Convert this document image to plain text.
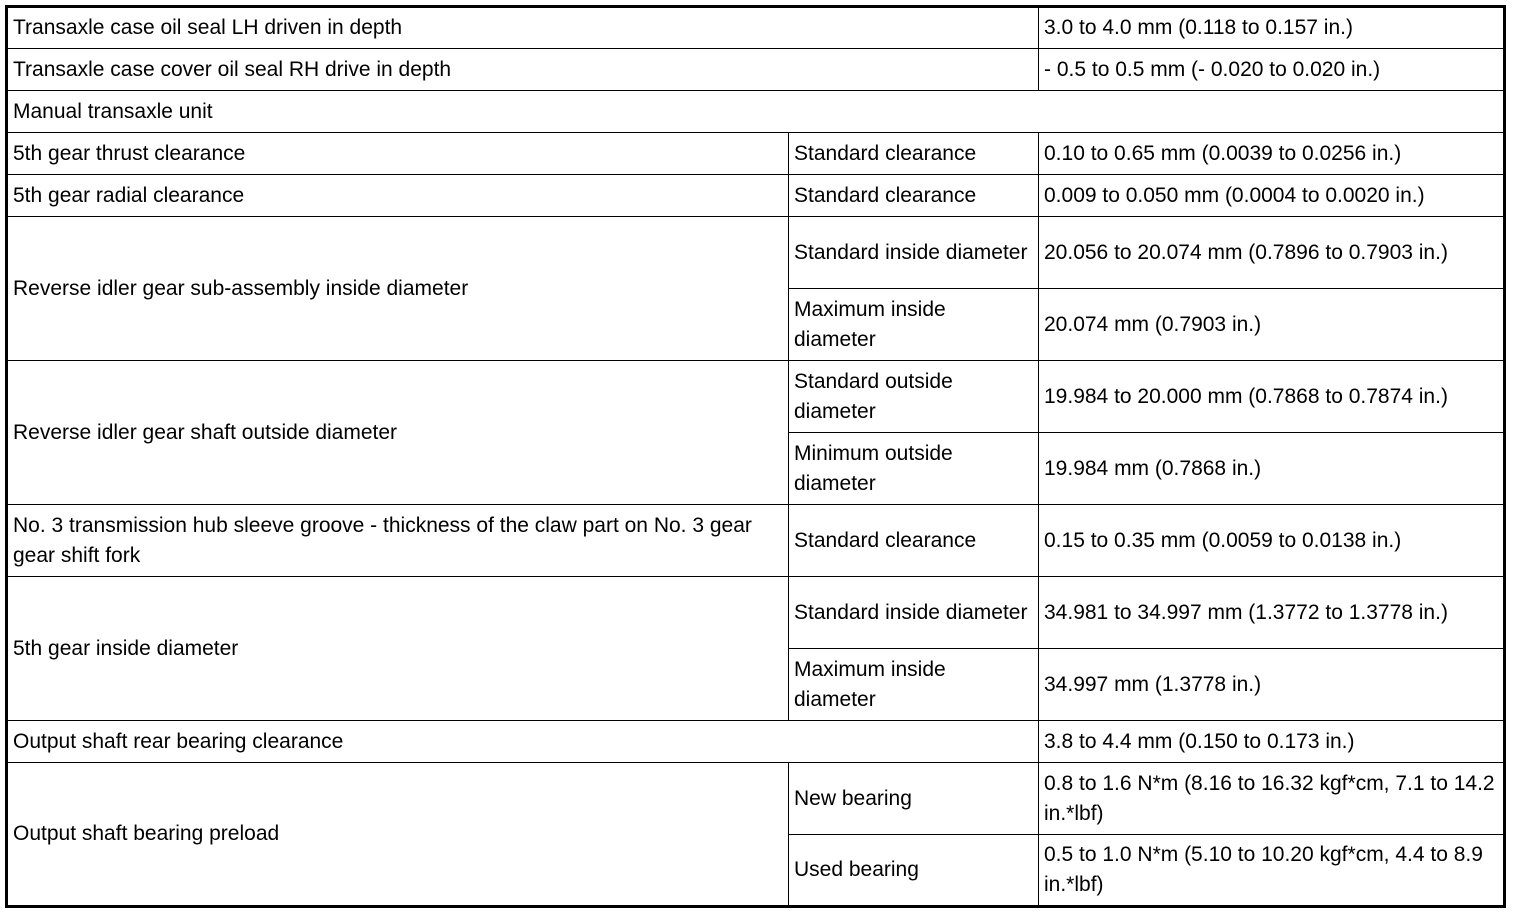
Transaxle case oil seal LH driven in depth		3.0 to 4.0 mm (0.118 to 0.157 in.)
Transaxle case cover oil seal RH drive in depth		- 0.5 to 0.5 mm (- 0.020 to 0.020 in.)
Manual transaxle unit		
5th gear thrust clearance	Standard clearance	0.10 to 0.65 mm (0.0039 to 0.0256 in.)
5th gear radial clearance	Standard clearance	0.009 to 0.050 mm (0.0004 to 0.0020 in.)
Reverse idler gear sub-assembly inside diameter	Standard inside diameter	20.056 to 20.074 mm (0.7896 to 0.7903 in.)
	Maximum inside diameter	20.074 mm (0.7903 in.)
Reverse idler gear shaft outside diameter	Standard outside diameter	19.984 to 20.000 mm (0.7868 to 0.7874 in.)
	Minimum outside diameter	19.984 mm (0.7868 in.)
No. 3 transmission hub sleeve groove - thickness of the claw part on No. 3 gear gear shift fork	Standard clearance	0.15 to 0.35 mm (0.0059 to 0.0138 in.)
5th gear inside diameter	Standard inside diameter	34.981 to 34.997 mm (1.3772 to 1.3778 in.)
	Maximum inside diameter	34.997 mm (1.3778 in.)
Output shaft rear bearing clearance		3.8 to 4.4 mm (0.150 to 0.173 in.)
Output shaft bearing preload	New bearing	0.8 to 1.6 N*m (8.16 to 16.32 kgf*cm, 7.1 to 14.2 in.*lbf)
	Used bearing	0.5 to 1.0 N*m (5.10 to 10.20 kgf*cm, 4.4 to 8.9 in.*lbf)
